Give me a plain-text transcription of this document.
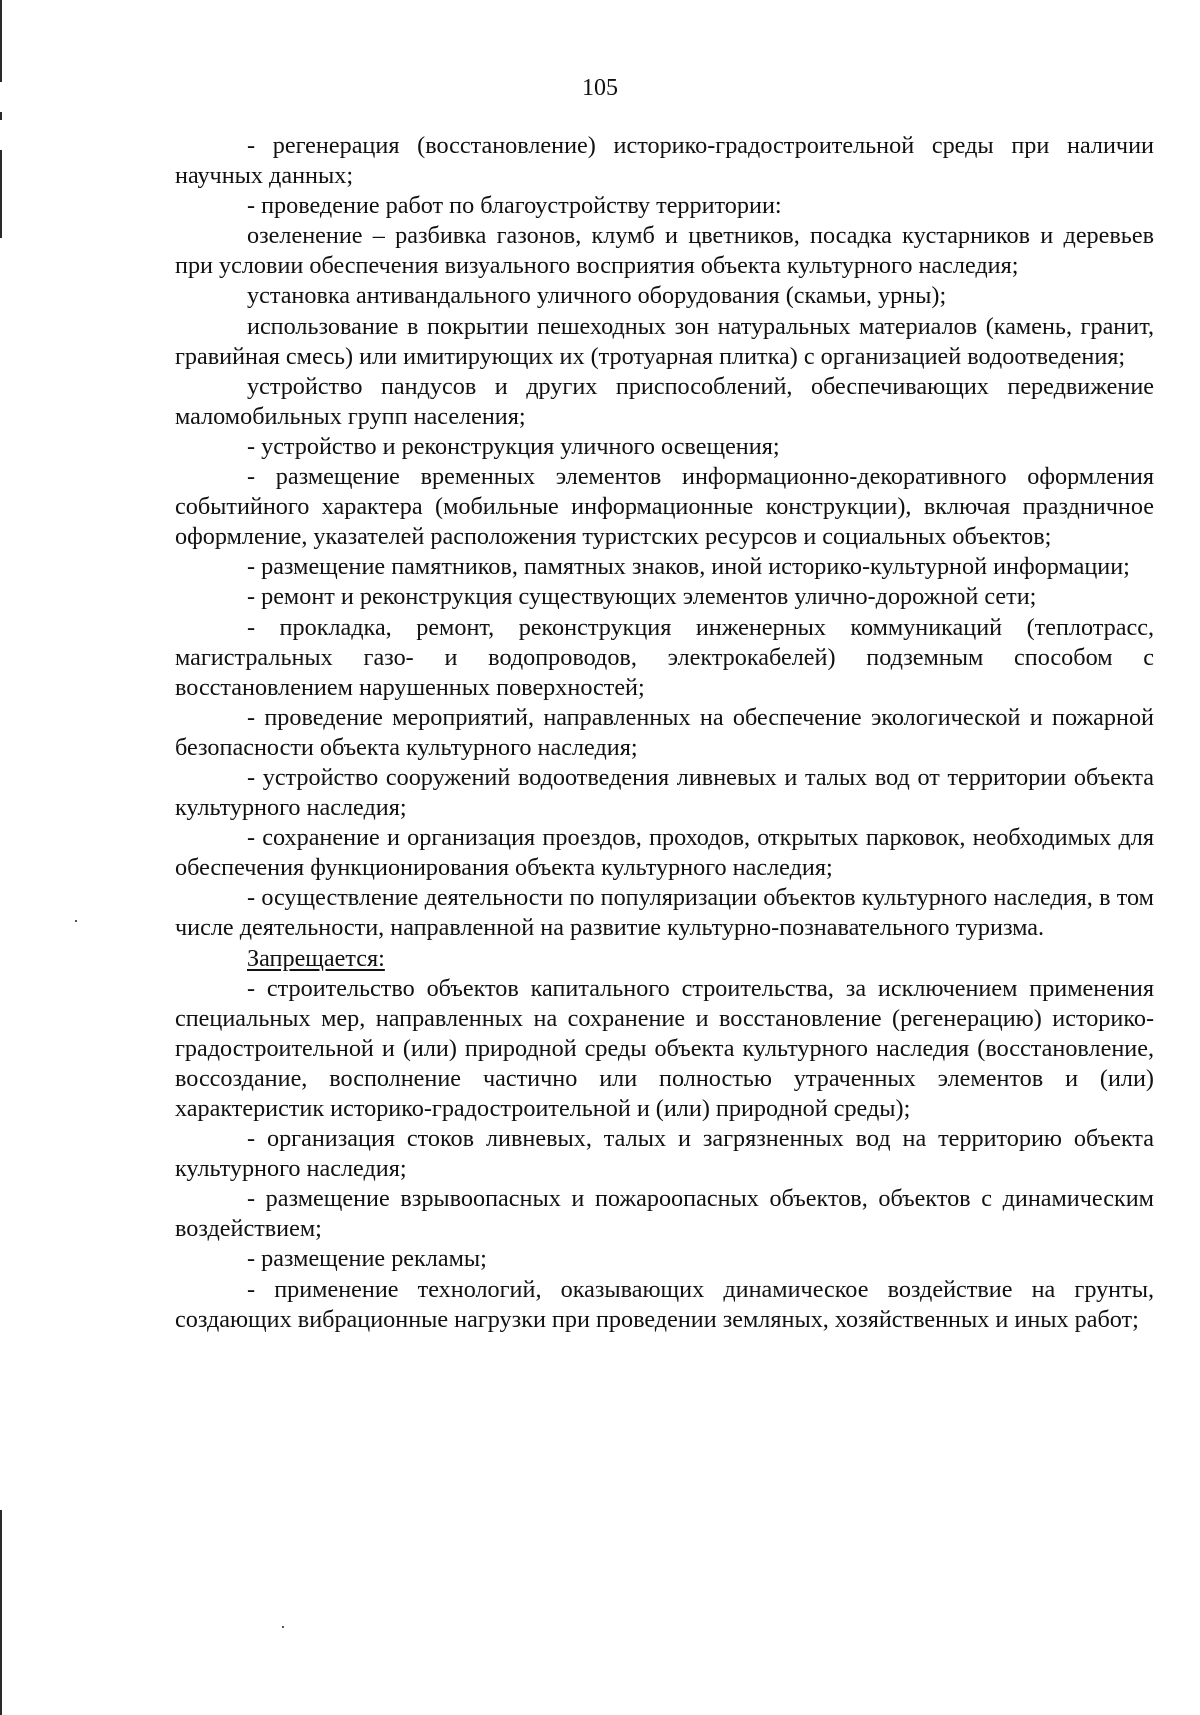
105

- регенерация (восстановление) историко-градостроительной среды при наличии научных данных;

- проведение работ по благоустройству территории:

озеленение – разбивка газонов, клумб и цветников, посадка кустарников и деревьев при условии обеспечения визуального восприятия объекта культурного наследия;

установка антивандального уличного оборудования (скамьи, урны);

использование в покрытии пешеходных зон натуральных материалов (камень, гранит, гравийная смесь) или имитирующих их (тротуарная плитка) с организацией водоотведения;

устройство пандусов и других приспособлений, обеспечивающих передвижение маломобильных групп населения;

- устройство и реконструкция уличного освещения;

- размещение временных элементов информационно-декоративного оформления событийного характера (мобильные информационные конструкции), включая праздничное оформление, указателей расположения туристских ресурсов и социальных объектов;

- размещение памятников, памятных знаков, иной историко-культурной информации;

- ремонт и реконструкция существующих элементов улично-дорожной сети;

- прокладка, ремонт, реконструкция инженерных коммуникаций (теплотрасс, магистральных газо- и водопроводов, электрокабелей) подземным способом с восстановлением нарушенных поверхностей;

- проведение мероприятий, направленных на обеспечение экологической и пожарной безопасности объекта культурного наследия;

- устройство сооружений водоотведения ливневых и талых вод от территории объекта культурного наследия;

- сохранение и организация проездов, проходов, открытых парковок, необходимых для обеспечения функционирования объекта культурного наследия;

- осуществление деятельности по популяризации объектов культурного наследия, в том числе деятельности, направленной на развитие культурно-познавательного туризма.

Запрещается:

- строительство объектов капитального строительства, за исключением применения специальных мер, направленных на сохранение и восстановление (регенерацию) историко-градостроительной и (или) природной среды объекта культурного наследия (восстановление, воссоздание, восполнение частично или полностью утраченных элементов и (или) характеристик историко-градостроительной и (или) природной среды);

- организация стоков ливневых, талых и загрязненных вод на территорию объекта культурного наследия;

- размещение взрывоопасных и пожароопасных объектов, объектов с динамическим воздействием;

- размещение рекламы;

- применение технологий, оказывающих динамическое воздействие на грунты, создающих вибрационные нагрузки при проведении земляных, хозяйственных и иных работ;
